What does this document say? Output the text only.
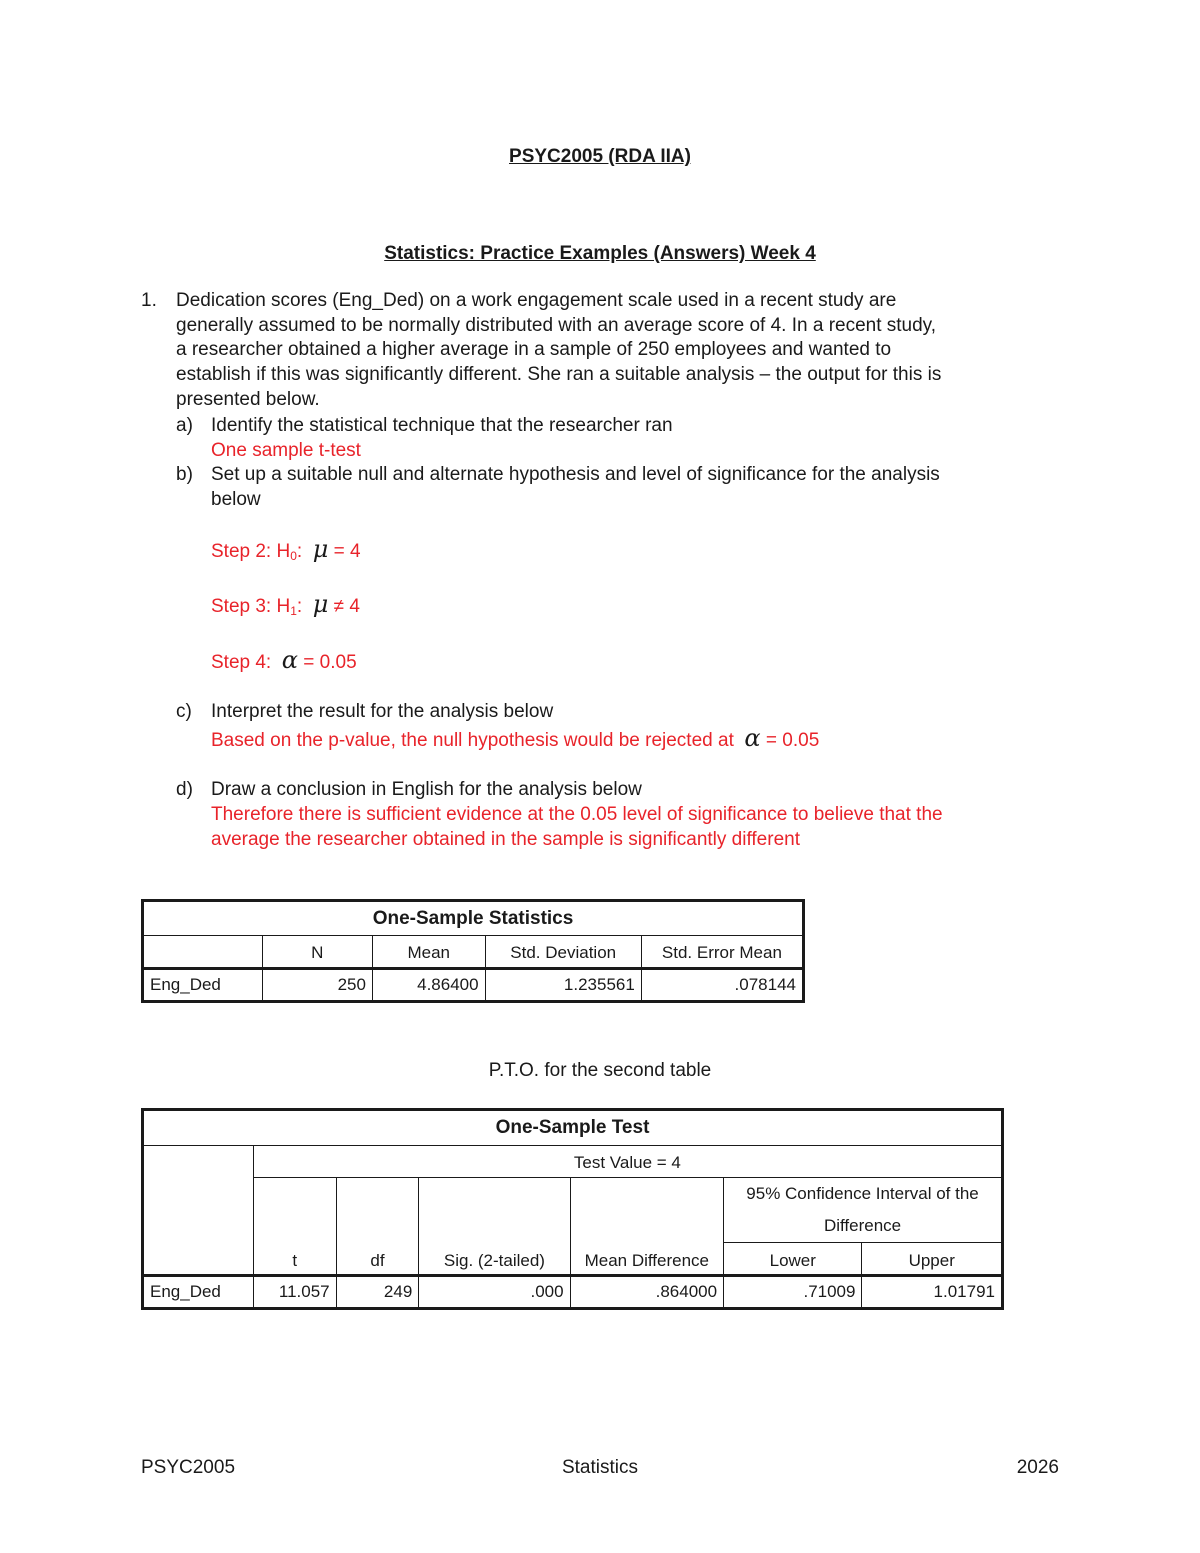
PSYC2005 (RDA IIA)
Statistics: Practice Examples (Answers) Week 4
1. Dedication scores (Eng_Ded) on a work engagement scale used in a recent study are
generally assumed to be normally distributed with an average score of 4. In a recent study,
a researcher obtained a higher average in a sample of 250 employees and wanted to
establish if this was significantly different. She ran a suitable analysis – the output for this is
presented below.
a) Identify the statistical technique that the researcher ran
One sample t-test
b) Set up a suitable null and alternate hypothesis and level of significance for the analysis
below
Step 2: $H_0$: μ = 4
Step 3: $H_1$: μ ≠ 4
Step 4: α = 0.05
c) Interpret the result for the analysis below
Based on the p-value, the null hypothesis would be rejected at α = 0.05
d) Draw a conclusion in English for the analysis below
Therefore there is sufficient evidence at the 0.05 level of significance to believe that the
average the researcher obtained in the sample is significantly different
One-Sample Statistics				
	N	Mean	Std. Deviation	Std. Error Mean
Eng_Ded	250	4.86400	1.235561	.078144
P.T.O. for the second table
One-Sample Test						
	Test Value = 4					
	t	df	Sig. (2-tailed)	Mean Difference	95% Confidence Interval of the
Difference	

					Lower	Upper

Eng_Ded	11.057	249	.000	.864000	.71009	1.01791
PSYC2005	Statistics	2026
